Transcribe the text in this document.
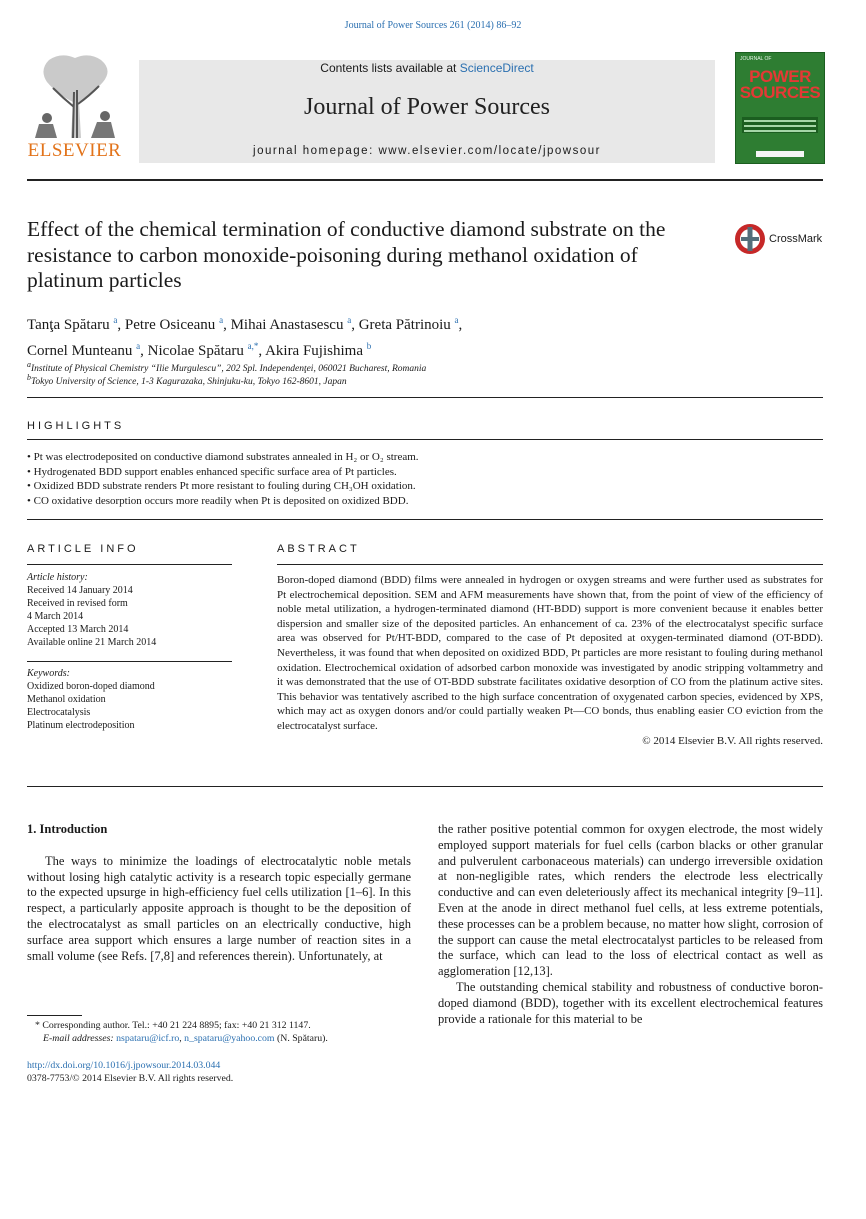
Journal of Power Sources 261 (2014) 86–92
ELSEVIER
Contents lists available at ScienceDirect
Journal of Power Sources
journal homepage: www.elsevier.com/locate/jpowsour
JOURNAL OF
POWER
SOURCES
Effect of the chemical termination of conductive diamond substrate on the resistance to carbon monoxide-poisoning during methanol oxidation of platinum particles
CrossMark
Tanţa Spătaru $^a$, Petre Osiceanu $^a$, Mihai Anastasescu $^a$, Greta Pătrinoiu $^a$,
Cornel Munteanu $^a$, Nicolae Spătaru $^{a,*}$, Akira Fujishima $^b$
$^a$Institute of Physical Chemistry “Ilie Murgulescu”, 202 Spl. Independenţei, 060021 Bucharest, Romania
$^b$Tokyo University of Science, 1-3 Kagurazaka, Shinjuku-ku, Tokyo 162-8601, Japan
HIGHLIGHTS
• Pt was electrodeposited on conductive diamond substrates annealed in H₂ or O₂ stream.
• Hydrogenated BDD support enables enhanced specific surface area of Pt particles.
• Oxidized BDD substrate renders Pt more resistant to fouling during CH₃OH oxidation.
• CO oxidative desorption occurs more readily when Pt is deposited on oxidized BDD.
ARTICLE INFO
Article history:
Received 14 January 2014
Received in revised form
4 March 2014
Accepted 13 March 2014
Available online 21 March 2014
Keywords:
Oxidized boron-doped diamond
Methanol oxidation
Electrocatalysis
Platinum electrodeposition
ABSTRACT

Boron-doped diamond (BDD) films were annealed in hydrogen or oxygen streams and were further used as substrates for Pt electrochemical deposition. SEM and AFM measurements have shown that, from the point of view of the efficiency of noble metal utilization, a hydrogen-terminated diamond (HT-BDD) support is more convenient because it enables better dispersion and smaller size of the deposited particles. An enhancement of ca. 23% of the electrocatalyst specific surface area was observed for Pt/HT-BDD, compared to the case of Pt deposited at oxygen-terminated diamond (OT-BDD). Nevertheless, it was found that when deposited on oxidized BDD, Pt particles are more resistant to fouling during methanol oxidation. Electrochemical oxidation of adsorbed carbon monoxide was investigated by anodic stripping voltammetry and it was demonstrated that the use of OT-BDD substrate facilitates oxidative desorption of CO from the platinum active sites. This behavior was tentatively ascribed to the high surface concentration of oxygenated carbon species, evidenced by XPS, which may act as oxygen donors and/or could partially weaken Pt—CO bonds, thus enabling easier CO eviction from the electrocatalyst surface.

© 2014 Elsevier B.V. All rights reserved.
1. Introduction

The ways to minimize the loadings of electrocatalytic noble metals without losing high catalytic activity is a research topic especially germane to the expected upsurge in high-efficiency fuel cells utilization [1–6]. In this respect, a particularly apposite approach is thought to be the deposition of the electrocatalyst as small particles on an electrically conductive, high surface area support which ensures a large number of reaction sites in a small volume (see Refs. [7,8] and references therein). Unfortunately, at

the rather positive potential common for oxygen electrode, the most widely employed support materials for fuel cells (carbon blacks or other granular and pulverulent carbonaceous materials) can undergo irreversible oxidation at non-negligible rates, which renders the electrode less electrically conductive and can even deleteriously affect its mechanical integrity [9–11]. Even at the anode in direct methanol fuel cells, at less extreme potentials, these processes can be a problem because, no matter how slight, corrosion of the support can cause the metal electrocatalyst particles to be released from the surface, which can lead to the loss of electrical contact as well as agglomeration [12,13].

The outstanding chemical stability and robustness of conductive boron-doped diamond (BDD), together with its excellent electrochemical features provide a rationale for this material to be

* Corresponding author. Tel.: +40 21 224 8895; fax: +40 21 312 1147.
E-mail addresses: nspataru@icf.ro, n_spataru@yahoo.com (N. Spătaru).
http://dx.doi.org/10.1016/j.jpowsour.2014.03.044
0378-7753/© 2014 Elsevier B.V. All rights reserved.
